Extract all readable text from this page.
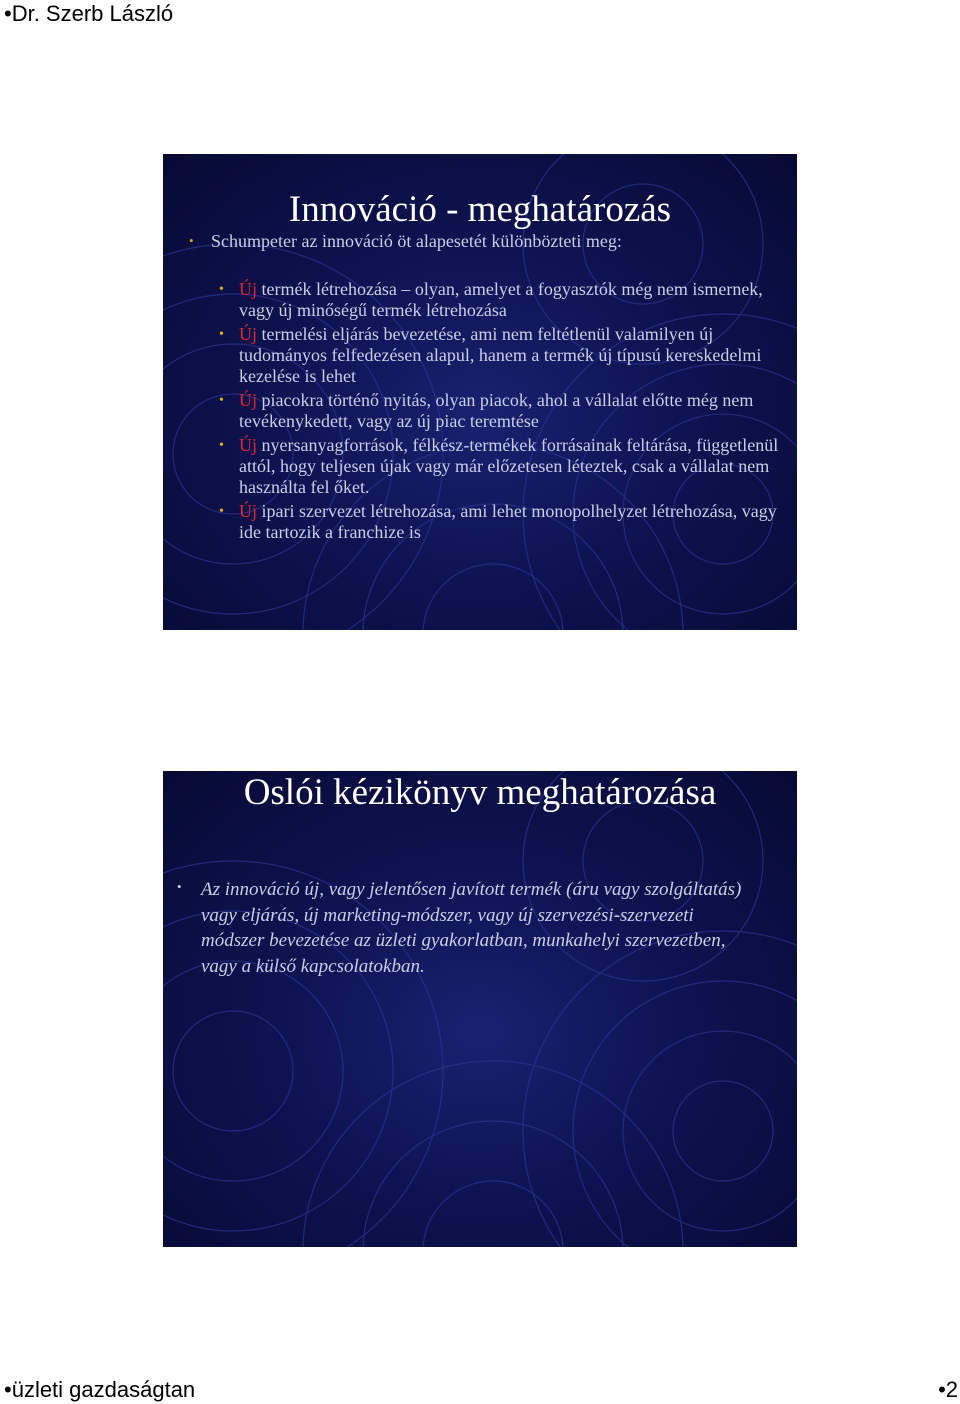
•Dr. Szerb László
Innováció - meghatározás
• Schumpeter az innováció öt alapesetét különbözteti meg:
• Új termék létrehozása – olyan, amelyet a fogyasztók még nem ismernek, vagy új minőségű termék létrehozása
• Új termelési eljárás bevezetése, ami nem feltétlenül valamilyen új tudományos felfedezésen alapul, hanem a termék új típusú kereskedelmi kezelése is lehet
• Új piacokra történő nyitás, olyan piacok, ahol a vállalat előtte még nem tevékenykedett, vagy az új piac teremtése
• Új nyersanyagforrások, félkész-termékek forrásainak feltárása, függetlenül attól, hogy teljesen újak vagy már előzetesen léteztek, csak a vállalat nem használta fel őket.
• Új ipari szervezet létrehozása, ami lehet monopolhelyzet létrehozása, vagy ide tartozik a franchize is
Oslói kézikönyv meghatározása
• Az innováció új, vagy jelentősen javított termék (áru vagy szolgáltatás) vagy eljárás, új marketing-módszer, vagy új szervezési-szervezeti módszer bevezetése az üzleti gyakorlatban, munkahelyi szervezetben, vagy a külső kapcsolatokban.
•üzleti gazdaságtan	•2
